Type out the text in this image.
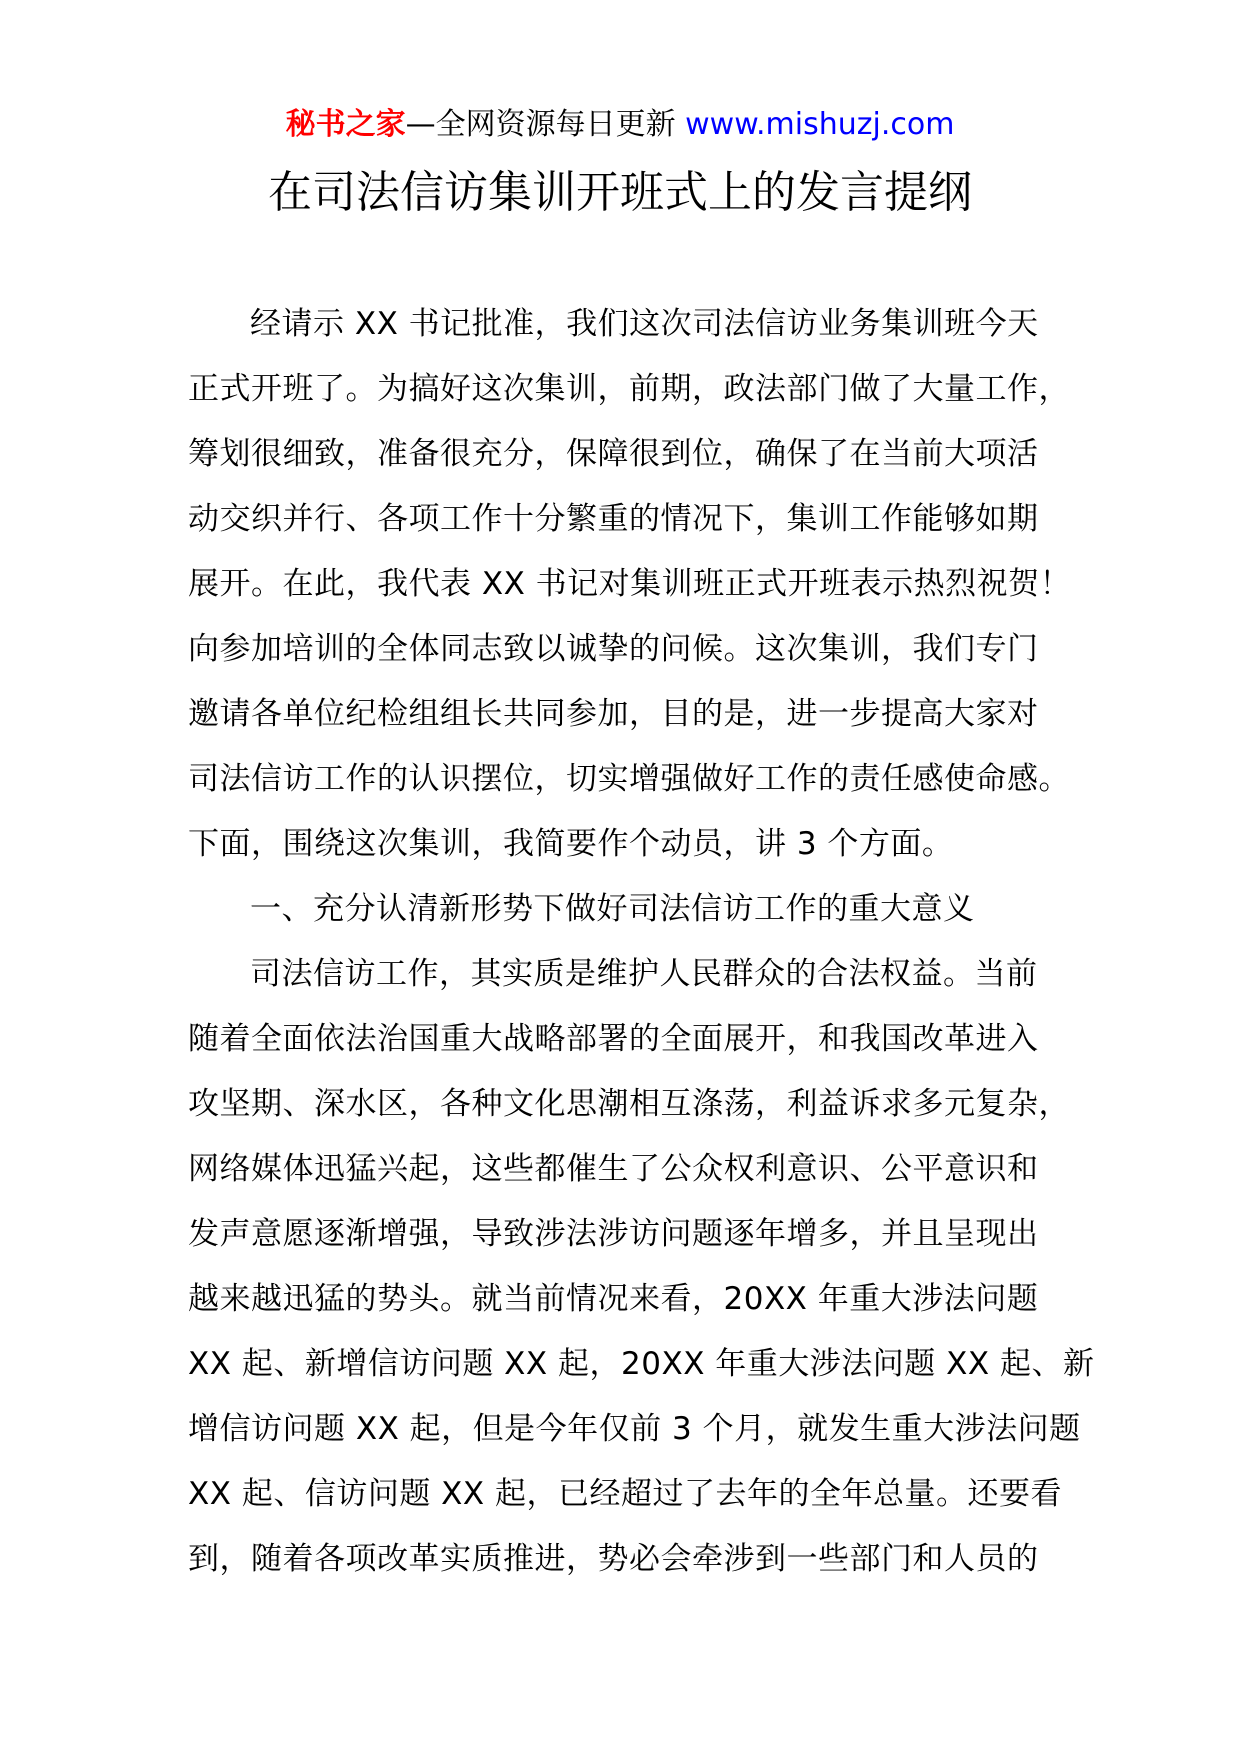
秘书之家—全网资源每日更新 www.mishuzj.com
在司法信访集训开班式上的发言提纲
经请示 XX 书记批准，我们这次司法信访业务集训班今天
正式开班了。为搞好这次集训，前期，政法部门做了大量工作，
筹划很细致，准备很充分，保障很到位，确保了在当前大项活
动交织并行、各项工作十分繁重的情况下，集训工作能够如期
展开。在此，我代表 XX 书记对集训班正式开班表示热烈祝贺！
向参加培训的全体同志致以诚挚的问候。这次集训，我们专门
邀请各单位纪检组组长共同参加，目的是，进一步提高大家对
司法信访工作的认识摆位，切实增强做好工作的责任感使命感。
下面，围绕这次集训，我简要作个动员，讲 3 个方面。
一、充分认清新形势下做好司法信访工作的重大意义
司法信访工作，其实质是维护人民群众的合法权益。当前
随着全面依法治国重大战略部署的全面展开，和我国改革进入
攻坚期、深水区，各种文化思潮相互涤荡，利益诉求多元复杂，
网络媒体迅猛兴起，这些都催生了公众权利意识、公平意识和
发声意愿逐渐增强，导致涉法涉访问题逐年增多，并且呈现出
越来越迅猛的势头。就当前情况来看，20XX 年重大涉法问题
XX 起、新增信访问题 XX 起，20XX 年重大涉法问题 XX 起、新
增信访问题 XX 起，但是今年仅前 3 个月，就发生重大涉法问题
XX 起、信访问题 XX 起，已经超过了去年的全年总量。还要看
到，随着各项改革实质推进，势必会牵涉到一些部门和人员的
